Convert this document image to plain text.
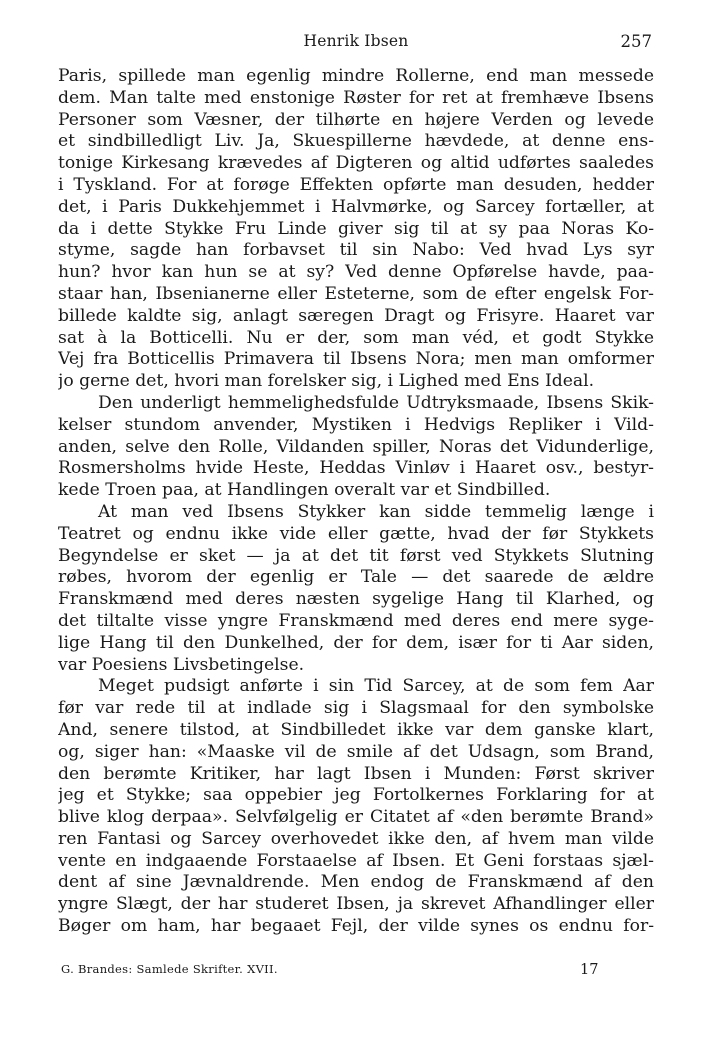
Henrik Ibsen	257
Paris, spillede man egenlig mindre Rollerne, end man messede
dem. Man talte med enstonige Røster for ret at fremhæve Ibsens
Personer som Væsner, der tilhørte en højere Verden og levede
et sindbilledligt Liv. Ja, Skuespillerne hævdede, at denne ens-
tonige Kirkesang krævedes af Digteren og altid udførtes saaledes
i Tyskland. For at forøge Effekten opførte man desuden, hedder
det, i Paris Dukkehjemmet i Halvmørke, og Sarcey fortæller, at
da i dette Stykke Fru Linde giver sig til at sy paa Noras Ko-
styme, sagde han forbavset til sin Nabo: Ved hvad Lys syr
hun? hvor kan hun se at sy? Ved denne Opførelse havde, paa-
staar han, Ibsenianerne eller Esteterne, som de efter engelsk For-
billede kaldte sig, anlagt særegen Dragt og Frisyre. Haaret var
sat à la Botticelli. Nu er der, som man véd, et godt Stykke
Vej fra Botticellis Primavera til Ibsens Nora; men man omformer
jo gerne det, hvori man forelsker sig, i Lighed med Ens Ideal.
Den underligt hemmelighedsfulde Udtryksmaade, Ibsens Skik-
kelser stundom anvender, Mystiken i Hedvigs Repliker i Vild-
anden, selve den Rolle, Vildanden spiller, Noras det Vidunderlige,
Rosmersholms hvide Heste, Heddas Vinløv i Haaret osv., bestyr-
kede Troen paa, at Handlingen overalt var et Sindbilled.
At man ved Ibsens Stykker kan sidde temmelig længe i
Teatret og endnu ikke vide eller gætte, hvad der før Stykkets
Begyndelse er sket — ja at det tit først ved Stykkets Slutning
røbes, hvorom der egenlig er Tale — det saarede de ældre
Franskmænd med deres næsten sygelige Hang til Klarhed, og
det tiltalte visse yngre Franskmænd med deres end mere syge-
lige Hang til den Dunkelhed, der for dem, især for ti Aar siden,
var Poesiens Livsbetingelse.
Meget pudsigt anførte i sin Tid Sarcey, at de som fem Aar
før var rede til at indlade sig i Slagsmaal for den symbolske
And, senere tilstod, at Sindbilledet ikke var dem ganske klart,
og, siger han: «Maaske vil de smile af det Udsagn, som Brand,
den berømte Kritiker, har lagt Ibsen i Munden: Først skriver
jeg et Stykke; saa oppebier jeg Fortolkernes Forklaring for at
blive klog derpaa». Selvfølgelig er Citatet af «den berømte Brand»
ren Fantasi og Sarcey overhovedet ikke den, af hvem man vilde
vente en indgaaende Forstaaelse af Ibsen. Et Geni forstaas sjæl-
dent af sine Jævnaldrende. Men endog de Franskmænd af den
yngre Slægt, der har studeret Ibsen, ja skrevet Afhandlinger eller
Bøger om ham, har begaaet Fejl, der vilde synes os endnu for-
G. Brandes: Samlede Skrifter. XVII.	17
